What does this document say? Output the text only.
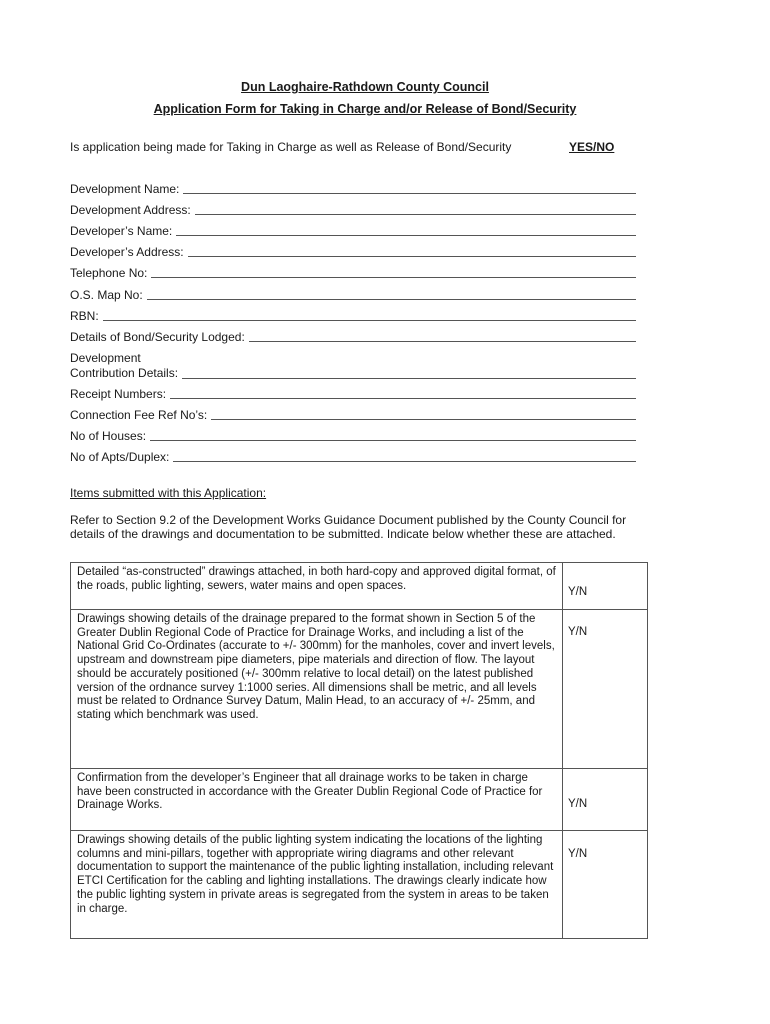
Dun Laoghaire-Rathdown County Council
Application Form for Taking in Charge and/or Release of Bond/Security
Is application being made for Taking in Charge as well as Release of Bond/Security	YES/NO
Development Name:
Development Address:
Developer’s Name:
Developer’s Address:
Telephone No:
O.S. Map No:
RBN:
Details of Bond/Security Lodged:
Development
Contribution Details:
Receipt Numbers:
Connection Fee Ref No’s:
No of Houses:
No of Apts/Duplex:
Items submitted with this Application:
Refer to Section 9.2 of the Development Works Guidance Document published by the County Council for details of the drawings and documentation to be submitted. Indicate below whether these are attached.
Detailed “as-constructed” drawings attached, in both hard-copy and approved digital format, of the roads, public lighting, sewers, water mains and open spaces.	Y/N

Drawings showing details of the drainage prepared to the format shown in Section 5 of the Greater Dublin Regional Code of Practice for Drainage Works, and including a list of the National Grid Co-Ordinates (accurate to +/- 300mm) for the manholes, cover and invert levels, upstream and downstream pipe diameters, pipe materials and direction of flow. The layout should be accurately positioned (+/- 300mm relative to local detail) on the latest published version of the ordnance survey 1:1000 series. All dimensions shall be metric, and all levels must be related to Ordnance Survey Datum, Malin Head, to an accuracy of +/- 25mm, and stating which benchmark was used.	Y/N

Confirmation from the developer’s Engineer that all drainage works to be taken in charge have been constructed in accordance with the Greater Dublin Regional Code of Practice for Drainage Works.	Y/N

Drawings showing details of the public lighting system indicating the locations of the lighting columns and mini-pillars, together with appropriate wiring diagrams and other relevant documentation to support the maintenance of the public lighting installation, including relevant ETCI Certification for the cabling and lighting installations. The drawings clearly indicate how the public lighting system in private areas is segregated from the system in areas to be taken in charge.	Y/N
